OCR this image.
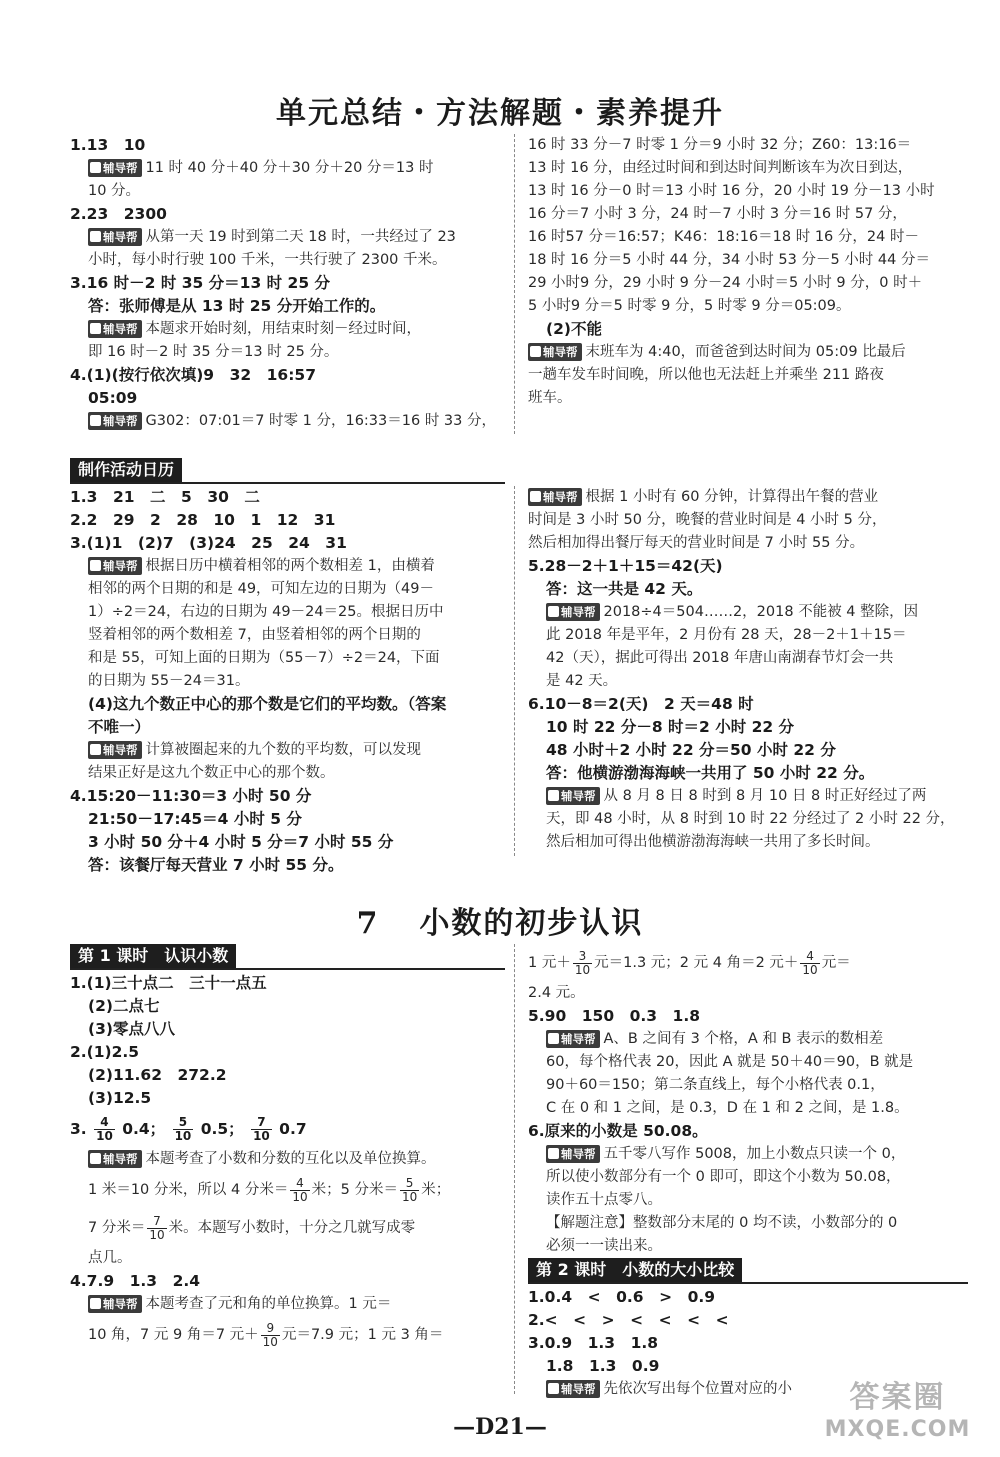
单元总结・方法解题・素养提升
1.13　10
辅导帮 11 时 40 分＋40 分＋30 分＋20 分＝13 时
10 分。
2.23　2300
辅导帮 从第一天 19 时到第二天 18 时，一共经过了 23
小时，每小时行驶 100 千米，一共行驶了 2300 千米。
3.16 时－2 时 35 分＝13 时 25 分
答：张师傅是从 13 时 25 分开始工作的。
辅导帮 本题求开始时刻，用结束时刻－经过时间，
即 16 时－2 时 35 分＝13 时 25 分。
4.(1)(按行依次填)9　32　16:57
05:09
辅导帮 G302：07:01＝7 时零 1 分，16:33＝16 时 33 分，
16 时 33 分－7 时零 1 分＝9 小时 32 分；Z60：13:16＝
13 时 16 分，由经过时间和到达时间判断该车为次日到达，
13 时 16 分－0 时＝13 小时 16 分，20 小时 19 分－13 小时
16 分＝7 小时 3 分，24 时－7 小时 3 分＝16 时 57 分，
16 时57 分＝16:57；K46：18:16＝18 时 16 分，24 时－
18 时 16 分＝5 小时 44 分，34 小时 53 分－5 小时 44 分＝
29 小时9 分，29 小时 9 分－24 小时＝5 小时 9 分，0 时＋
5 小时9 分＝5 时零 9 分，5 时零 9 分＝05:09。
(2)不能
辅导帮 末班车为 4:40，而爸爸到达时间为 05:09 比最后
一趟车发车时间晚，所以他也无法赶上并乘坐 211 路夜
班车。
制作活动日历
1.3　21　二　5　30　二
2.2　29　2　28　10　1　12　31
3.(1)1　(2)7　(3)24　25　24　31
辅导帮 根据日历中横着相邻的两个数相差 1，由横着
相邻的两个日期的和是 49，可知左边的日期为（49－
1）÷2＝24，右边的日期为 49－24＝25。根据日历中
竖着相邻的两个数相差 7，由竖着相邻的两个日期的
和是 55，可知上面的日期为（55－7）÷2＝24，下面
的日期为 55－24＝31。
(4)这九个数正中心的那个数是它们的平均数。（答案
不唯一）
辅导帮 计算被圈起来的九个数的平均数，可以发现
结果正好是这九个数正中心的那个数。
4.15:20－11:30＝3 小时 50 分
21:50－17:45＝4 小时 5 分
3 小时 50 分＋4 小时 5 分＝7 小时 55 分
答：该餐厅每天营业 7 小时 55 分。
辅导帮 根据 1 小时有 60 分钟，计算得出午餐的营业
时间是 3 小时 50 分，晚餐的营业时间是 4 小时 5 分，
然后相加得出餐厅每天的营业时间是 7 小时 55 分。
5.28－2＋1＋15＝42(天)
答：这一共是 42 天。
辅导帮 2018÷4＝504……2，2018 不能被 4 整除，因
此 2018 年是平年，2 月份有 28 天，28－2＋1＋15＝
42（天），据此可得出 2018 年唐山南湖春节灯会一共
是 42 天。
6.10－8＝2(天)　2 天＝48 时
10 时 22 分－8 时＝2 小时 22 分
48 小时＋2 小时 22 分＝50 小时 22 分
答：他横游渤海海峡一共用了 50 小时 22 分。
辅导帮 从 8 月 8 日 8 时到 8 月 10 日 8 时正好经过了两
天，即 48 小时，从 8 时到 10 时 22 分经过了 2 小时 22 分，
然后相加可得出他横游渤海海峡一共用了多长时间。
7 小数的初步认识
第 1 课时　认识小数
1.(1)三十点二　三十一点五
(2)二点七
(3)零点八八
2.(1)2.5
(2)11.62　272.2
(3)12.5
3. $\frac{4}{10} 0.4$； $\frac{5}{10} 0.5$； $\frac{7}{10} 0.7$
辅导帮 本题考查了小数和分数的互化以及单位换算。
1 米＝10 分米，所以 4 分米＝ $\frac{4}{10}$ 米；5 分米＝ $\frac{5}{10}$ 米；
7 分米＝ $\frac{7}{10}$ 米。本题写小数时，十分之几就写成零
点几。
4.7.9　1.3　2.4
辅导帮 本题考查了元和角的单位换算。1 元＝
10 角，7 元 9 角＝7 元＋ $\frac{9}{10}$ 元＝7.9 元；1 元 3 角＝
1 元＋ $\frac{3}{10}$ 元＝1.3 元；2 元 4 角＝2 元＋ $\frac{4}{10}$ 元＝
2.4 元。
5.90　150　0.3　1.8
辅导帮 A、B 之间有 3 个格，A 和 B 表示的数相差
60，每个格代表 20，因此 A 就是 50＋40＝90，B 就是
90＋60＝150；第二条直线上，每个小格代表 0.1，
C 在 0 和 1 之间，是 0.3，D 在 1 和 2 之间，是 1.8。
6.原来的小数是 50.08。
辅导帮 五千零八写作 5008，加上小数点只读一个 0，
所以使小数部分有一个 0 即可，即这个小数为 50.08，
读作五十点零八。
【解题注意】整数部分末尾的 0 均不读，小数部分的 0
必须一一读出来。
第 2 课时　小数的大小比较
1.0.4　<　0.6　>　0.9
2.<　<　>　<　<　<　<
3.0.9　1.3　1.8
1.8　1.3　0.9
辅导帮 先依次写出每个位置对应的小
—D21—
答案圈
MXQE.COM
